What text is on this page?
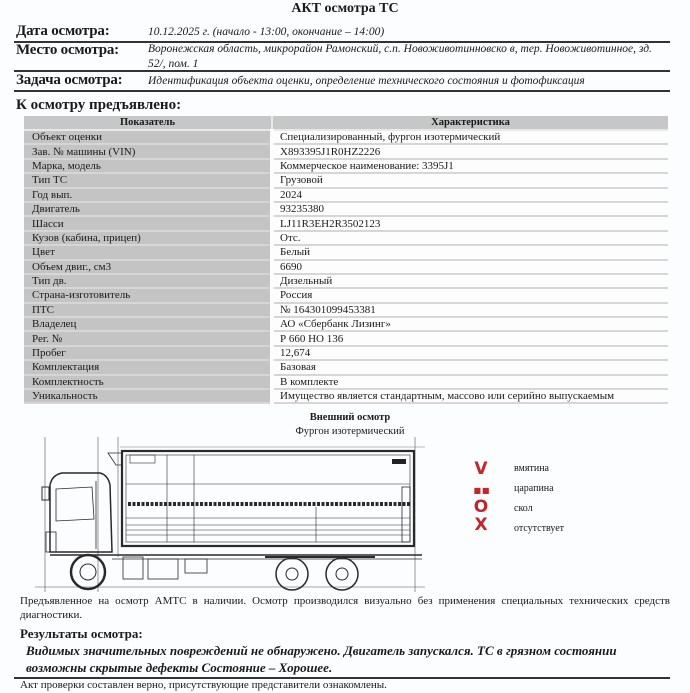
АКТ осмотра ТС
Дата осмотра:	10.12.2025 г. (начало - 13:00, окончание – 14:00)
Место осмотра:	Воронежская область, микрорайон Рамонский, с.п. Новоживотинновско в, тер. Новоживотинное, зд. 52/, пом. 1
Задача осмотра: Идентификация объекта оценки, определение технического состояния и фотофиксация
К осмотру предъявлено:
Показатель	Характеристика
Объект оценки	Специализированный, фургон изотермический
Зав. № машины (VIN)	X893395J1R0HZ2226
Марка, модель	Коммерческое наименование: 3395J1
Тип ТС	Грузовой
Год вып.	2024
Двигатель	93235380
Шасси	LJ11R3EH2R3502123
Кузов (кабина, прицеп)	Отс.
Цвет	Белый
Объем двиг., см3	6690
Тип дв.	Дизельный
Страна-изготовитель	Россия
ПТС	№ 164301099453381
Владелец	АО «Сбербанк Лизинг»
Рег. №	Р 660 НО 136
Пробег	12,674
Комплектация	Базовая
Комплектность	В комплекте
Уникальность	Имущество является стандартным, массово или серийно выпускаемым
Внешний осмотр
Фургон изотермический
V	вмятина
■ ■	царапина
O	скол
X	отсутствует
Предъявленное на осмотр АМТС в наличии. Осмотр производился визуально без применения специальных технических средств диагностики.
Результаты осмотра:
Видимых значительных повреждений не обнаружено. Двигатель запускался. ТС в грязном состоянии возможны скрытые дефекты Состояние – Хорошее.
Акт проверки составлен верно, присутствующие представители ознакомлены.
